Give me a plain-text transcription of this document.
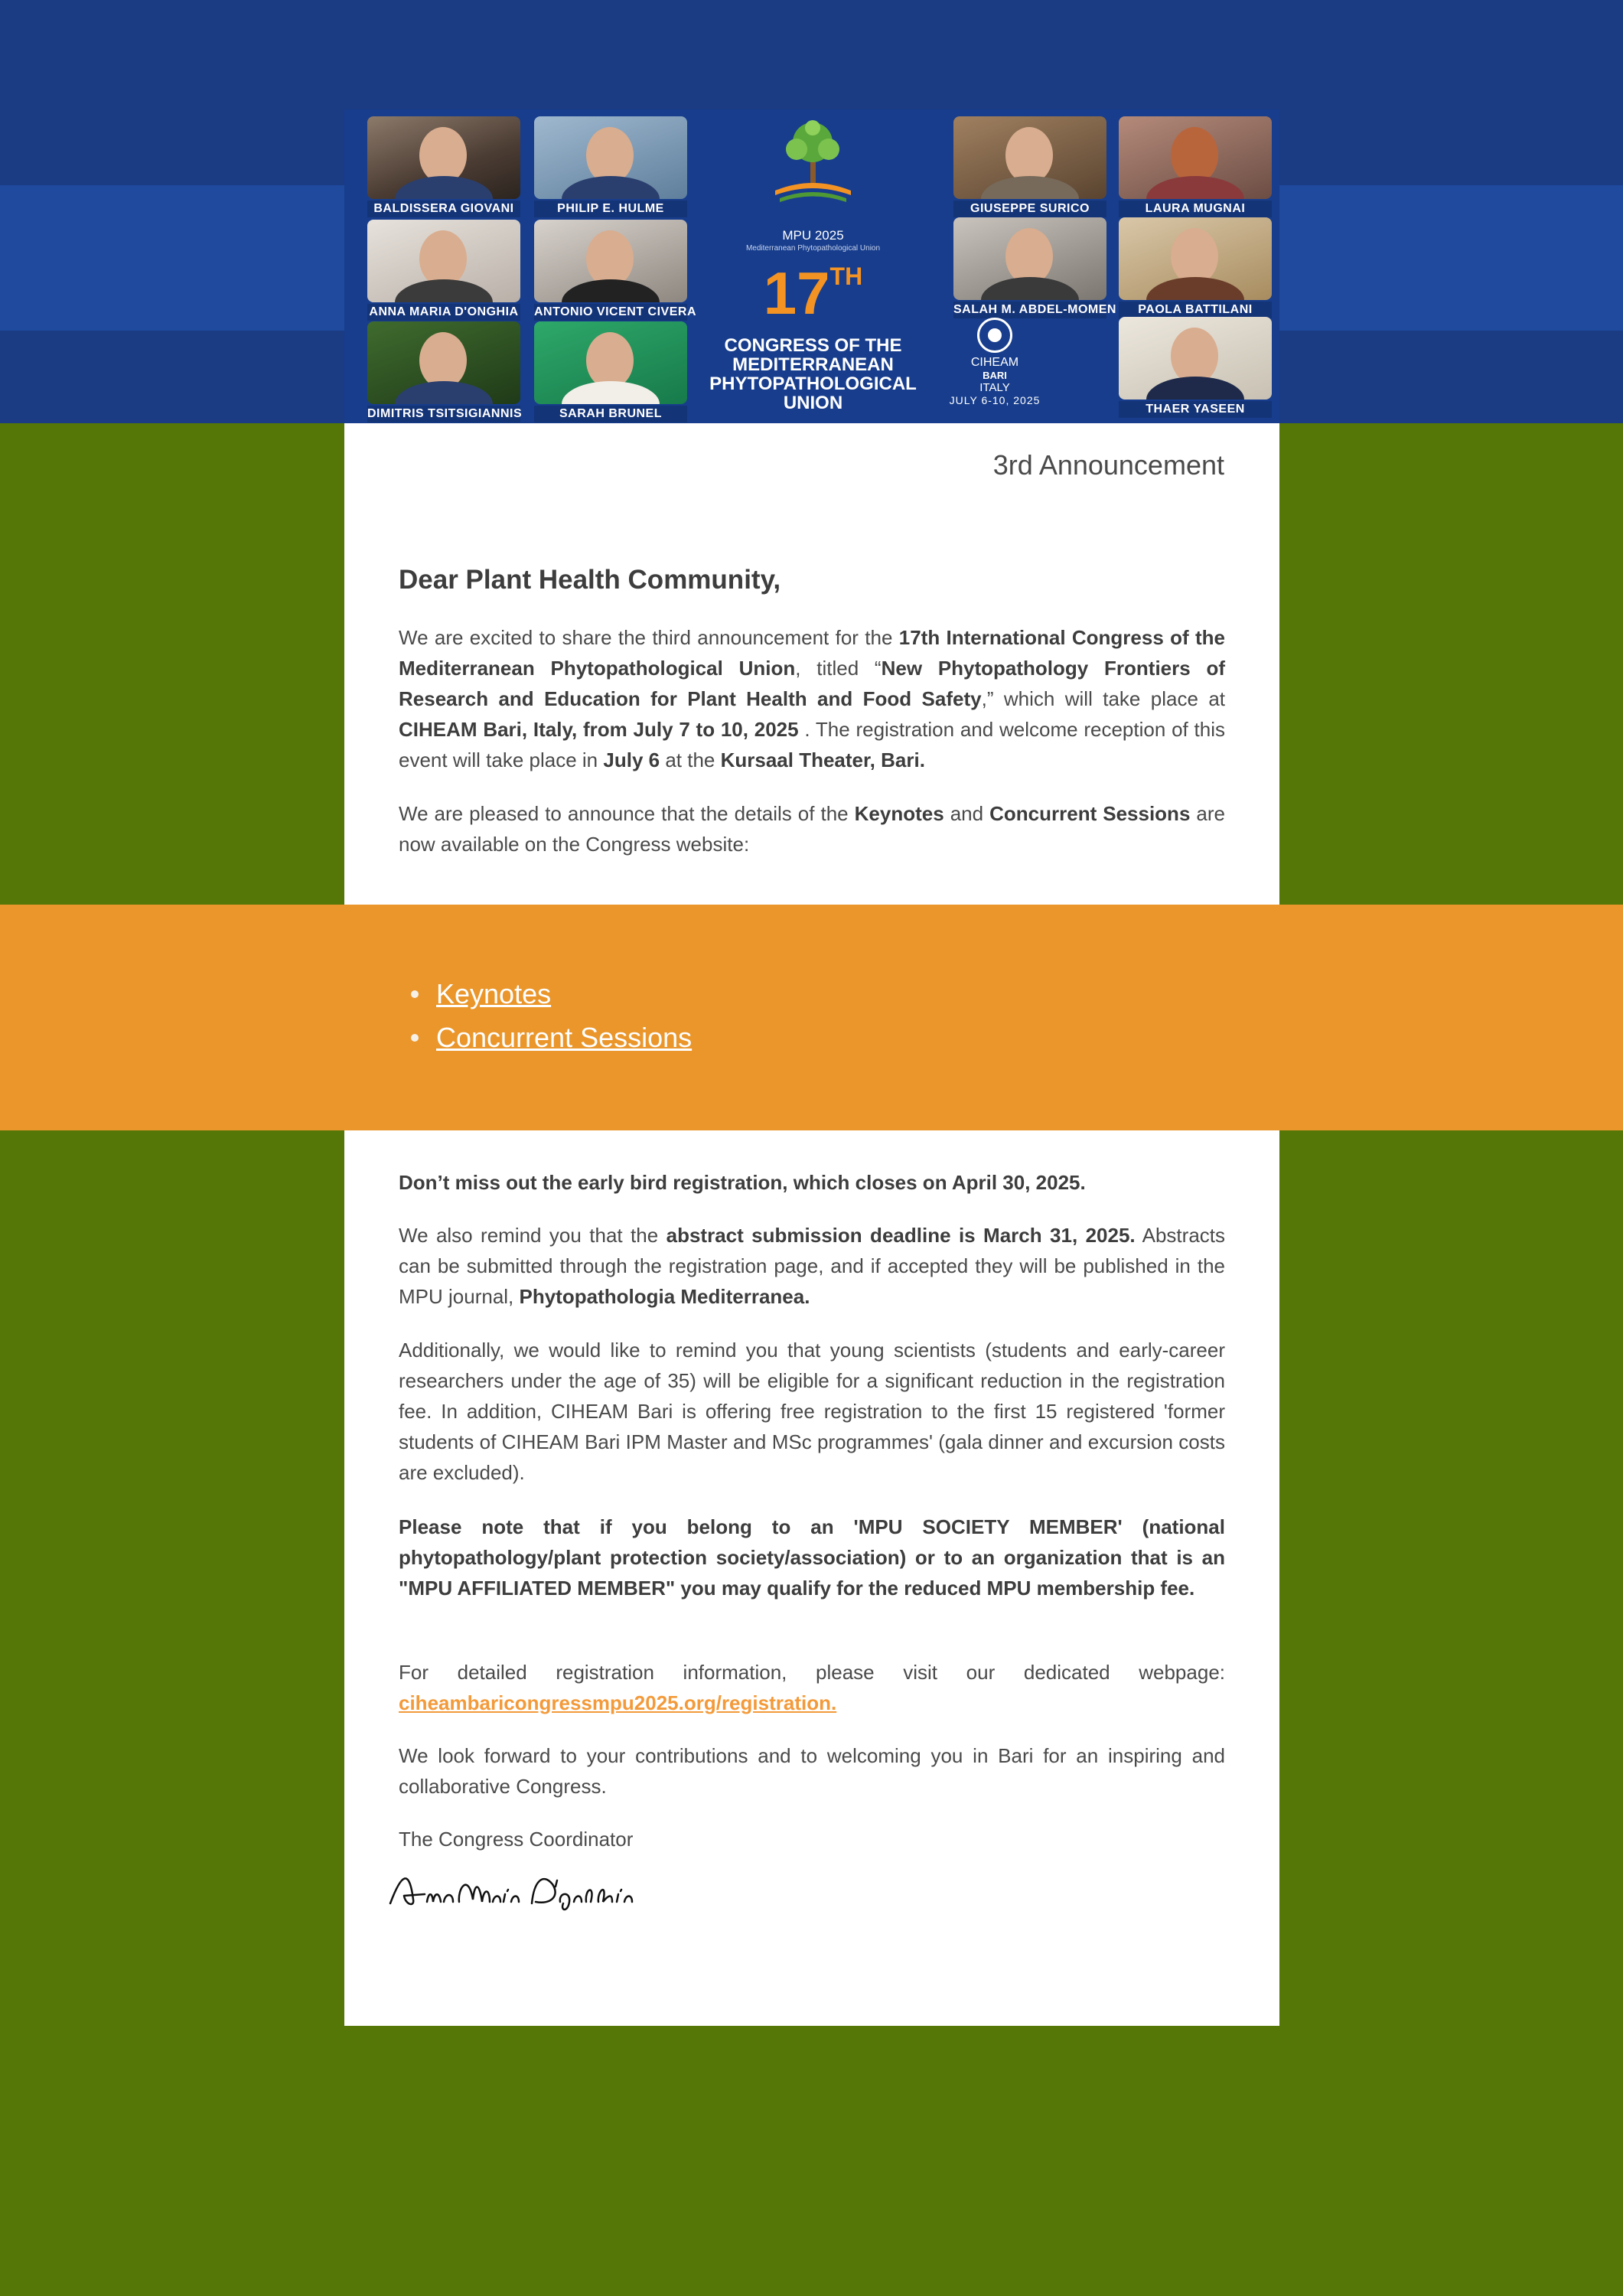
BALDISSERA GIOVANI	PHILIP E. HULME
ANNA MARIA D'ONGHIA ANTONIO VICENT CIVERA
DIMITRIS TSITSIGIANNIS	SARAH BRUNEL
MPU 2025
Mediterranean Phytopathological Union
17TH
CONGRESS OF THE
MEDITERRANEAN
PHYTOPATHOLOGICAL
UNION
GIUSEPPE SURICO	LAURA MUGNAI
SALAH M. ABDEL-MOMEN	PAOLA BATTILANI
THAER YASEEN
CIHEAM
BARI
ITALY
JULY 6-10, 2025
3rd Announcement
Dear Plant Health Community,

We are excited to share the third announcement for the 17th International Congress of the Mediterranean Phytopathological Union, titled “New Phytopathology Frontiers of Research and Education for Plant Health and Food Safety,” which will take place at CIHEAM Bari, Italy, from July 7 to 10, 2025 . The registration and welcome reception of this event will take place in July 6 at the Kursaal Theater, Bari.

We are pleased to announce that the details of the Keynotes and Concurrent Sessions are now available on the Congress website:

Keynotes
Concurrent Sessions

Don’t miss out the early bird registration, which closes on April 30, 2025.

We also remind you that the abstract submission deadline is March 31, 2025. Abstracts can be submitted through the registration page, and if accepted they will be published in the MPU journal, Phytopathologia Mediterranea.

Additionally, we would like to remind you that young scientists (students and early-career researchers under the age of 35) will be eligible for a significant reduction in the registration fee. In addition, CIHEAM Bari is offering free registration to the first 15 registered 'former students of CIHEAM Bari IPM Master and MSc programmes' (gala dinner and excursion costs are excluded).

Please note that if you belong to an 'MPU SOCIETY MEMBER' (national phytopathology/plant protection society/association) or to an organization that is an "MPU AFFILIATED MEMBER" you may qualify for the reduced MPU membership fee.

For detailed registration information, please visit our dedicated webpage: ciheambaricongressmpu2025.org/registration.

We look forward to your contributions and to welcoming you in Bari for an inspiring and collaborative Congress.

The Congress Coordinator
